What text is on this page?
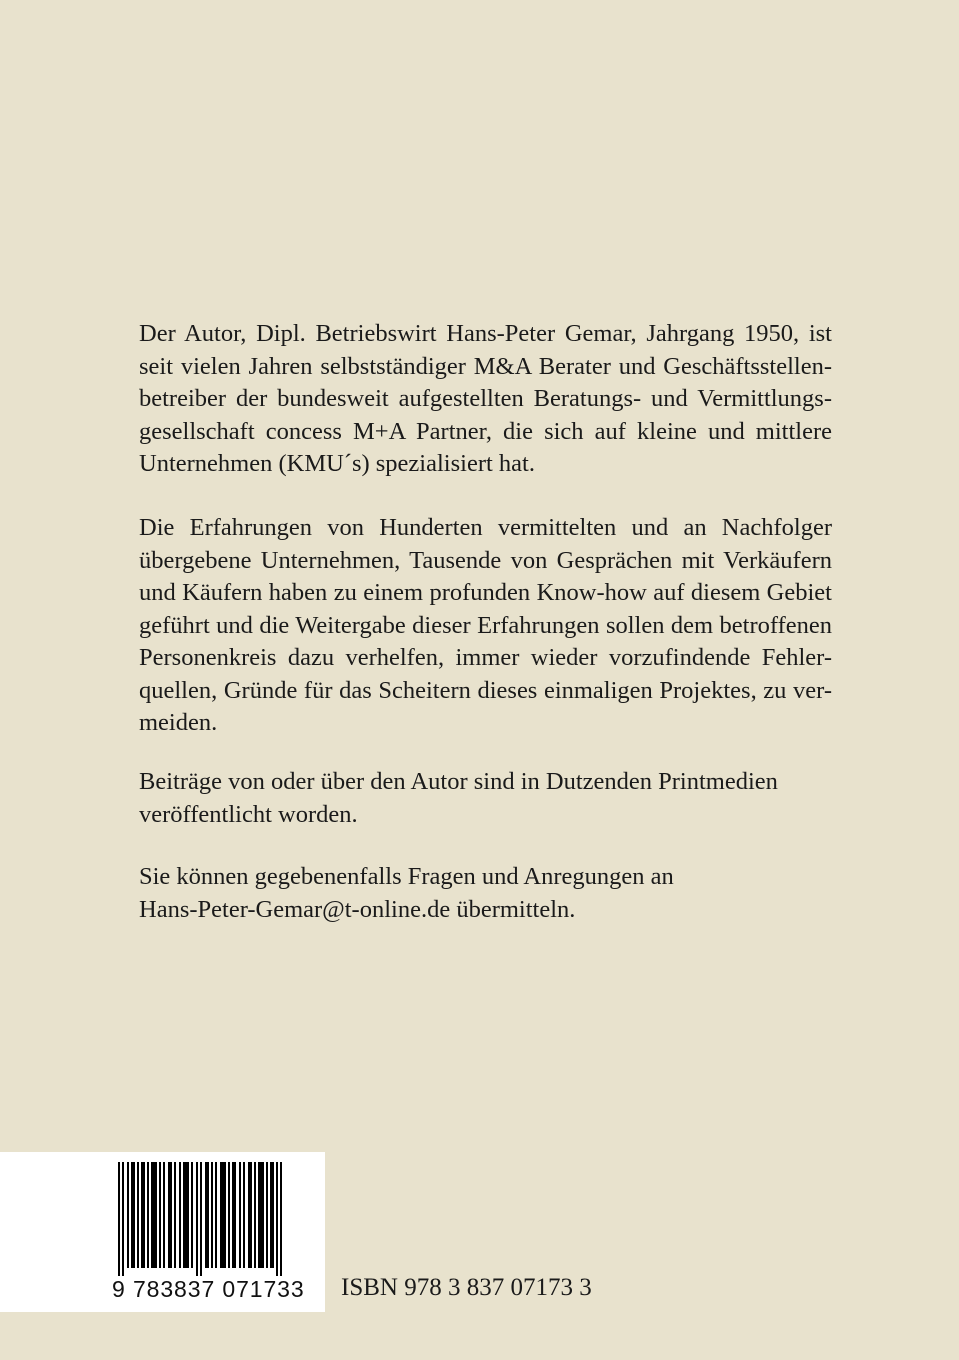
Der Autor, Dipl. Betriebswirt Hans-Peter Gemar, Jahrgang 1950, ist

seit vielen Jahren selbstständiger M&A Berater und Geschäftsstellen-

betreiber der bundesweit aufgestellten Beratungs- und Vermittlungs-

gesellschaft concess M+A Partner, die sich auf kleine und mittlere

Unternehmen (KMU´s) spezialisiert hat.

Die Erfahrungen von Hunderten vermittelten und an Nachfolger

übergebene Unternehmen, Tausende von Gesprächen mit Verkäufern

und Käufern haben zu einem profunden Know-how auf diesem Gebiet

geführt und die Weitergabe dieser Erfahrungen sollen dem betroffenen

Personenkreis dazu verhelfen, immer wieder vorzufindende Fehler-

quellen, Gründe für das Scheitern dieses einmaligen Projektes, zu ver-

meiden.

Beiträge von oder über den Autor sind in Dutzenden Printmedien

veröffentlicht worden.

Sie können gegebenenfalls Fragen und Anregungen an

Hans-Peter-Gemar@t-online.de übermitteln.

9 783837 071733 ISBN 978 3 837 07173 3
